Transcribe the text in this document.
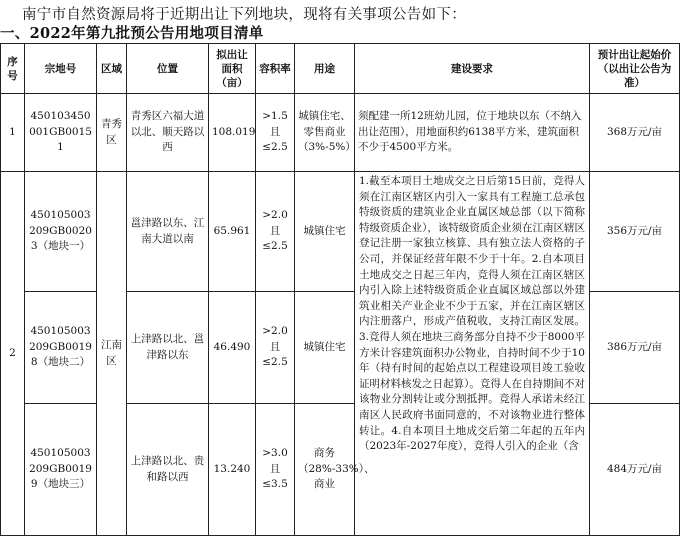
南宁市自然资源局将于近期出让下列地块，现将有关事项公告如下：
一、2022年第九批预公告用地项目清单
序号	宗地号	区域	位置	拟出让面积（亩）	容积率	用途	建设要求	预计出让起始价（以出让公告为准）
1	450103450001GB00151	青秀区	青秀区六福大道以北、顺天路以西	108.019	>1.5且≤2.5	城镇住宅、零售商业（3%-5%）	须配建一所12班幼儿园，位于地块以东（不纳入出让范围），用地面积约6138平方米，建筑面积不少于4500平方米。	368万元/亩
2	450105003209GB00203（地块一）	江南区	邕津路以东、江南大道以南	65.961	>2.0且≤2.5	城镇住宅	1.截至本项目土地成交之日后第15日前，竞得人须在江南区辖区内引入一家具有工程施工总承包特级资质的建筑业企业直属区域总部（以下简称特级资质企业），该特级资质企业须在江南区辖区登记注册一家独立核算、具有独立法人资格的子公司，并保证经营年限不少于十年。2.自本项目土地成交之日起三年内，竞得人须在江南区辖区内引入除上述特级资质企业直属区域总部以外建筑业相关产业企业不少于五家，并在江南区辖区内注册落户，形成产值税收，支持江南区发展。3.竞得人须在地块三商务部分自持不少于8000平方米计容建筑面积办公物业，自持时间不少于10年（持有时间的起始点以工程建设项目竣工验收证明材料核发之日起算）。竞得人在自持期间不对该物业分割转让或分割抵押。竞得人承诺未经江南区人民政府书面同意的，不对该物业进行整体转让。4.自本项目土地成交后第二年起的五年内（2023年-2027年度），竞得人引入的企业（含	356万元/亩
	450105003209GB00198（地块二）		上津路以北、邕津路以东	46.490	>2.0且≤2.5	城镇住宅		386万元/亩
	450105003209GB00199（地块三）		上津路以北、贵和路以西	13.240	>3.0且≤3.5	商务（28%-33%）、商业		484万元/亩
